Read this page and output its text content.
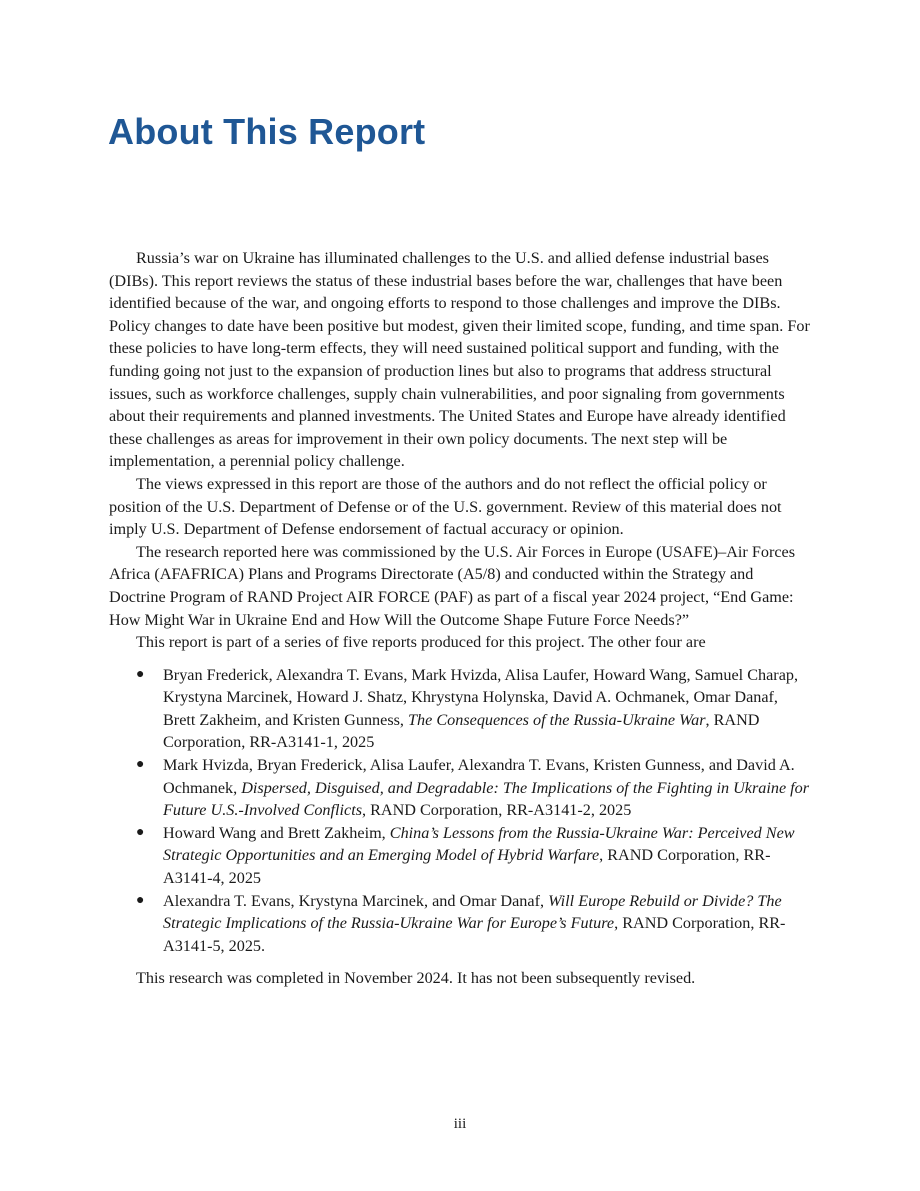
About This Report

Russia’s war on Ukraine has illuminated challenges to the U.S. and allied defense industrial bases (DIBs). This report reviews the status of these industrial bases before the war, challenges that have been identified because of the war, and ongoing efforts to respond to those challenges and improve the DIBs. Policy changes to date have been positive but modest, given their limited scope, funding, and time span. For these policies to have long-term effects, they will need sustained political support and funding, with the funding going not just to the expansion of production lines but also to programs that address structural issues, such as workforce challenges, supply chain vulnerabilities, and poor signaling from governments about their requirements and planned investments. The United States and Europe have already identified these challenges as areas for improvement in their own policy documents. The next step will be implementation, a perennial policy challenge.

The views expressed in this report are those of the authors and do not reflect the official policy or position of the U.S. Department of Defense or of the U.S. government. Review of this material does not imply U.S. Department of Defense endorsement of factual accuracy or opinion.

The research reported here was commissioned by the U.S. Air Forces in Europe (USAFE)–Air Forces Africa (AFAFRICA) Plans and Programs Directorate (A5/8) and conducted within the Strategy and Doctrine Program of RAND Project AIR FORCE (PAF) as part of a fiscal year 2024 project, “End Game: How Might War in Ukraine End and How Will the Outcome Shape Future Force Needs?”

This report is part of a series of five reports produced for this project. The other four are

● Bryan Frederick, Alexandra T. Evans, Mark Hvizda, Alisa Laufer, Howard Wang, Samuel Charap, Krystyna Marcinek, Howard J. Shatz, Khrystyna Holynska, David A. Ochmanek, Omar Danaf, Brett Zakheim, and Kristen Gunness, The Consequences of the Russia-Ukraine War, RAND Corporation, RR-A3141-1, 2025
● Mark Hvizda, Bryan Frederick, Alisa Laufer, Alexandra T. Evans, Kristen Gunness, and David A. Ochmanek, Dispersed, Disguised, and Degradable: The Implications of the Fighting in Ukraine for Future U.S.-Involved Conflicts, RAND Corporation, RR-A3141-2, 2025
● Howard Wang and Brett Zakheim, China’s Lessons from the Russia-Ukraine War: Perceived New Strategic Opportunities and an Emerging Model of Hybrid Warfare, RAND Corporation, RR-A3141-4, 2025
● Alexandra T. Evans, Krystyna Marcinek, and Omar Danaf, Will Europe Rebuild or Divide? The Strategic Implications of the Russia-Ukraine War for Europe’s Future, RAND Corporation, RR-A3141-5, 2025.

This research was completed in November 2024. It has not been subsequently revised.

iii
